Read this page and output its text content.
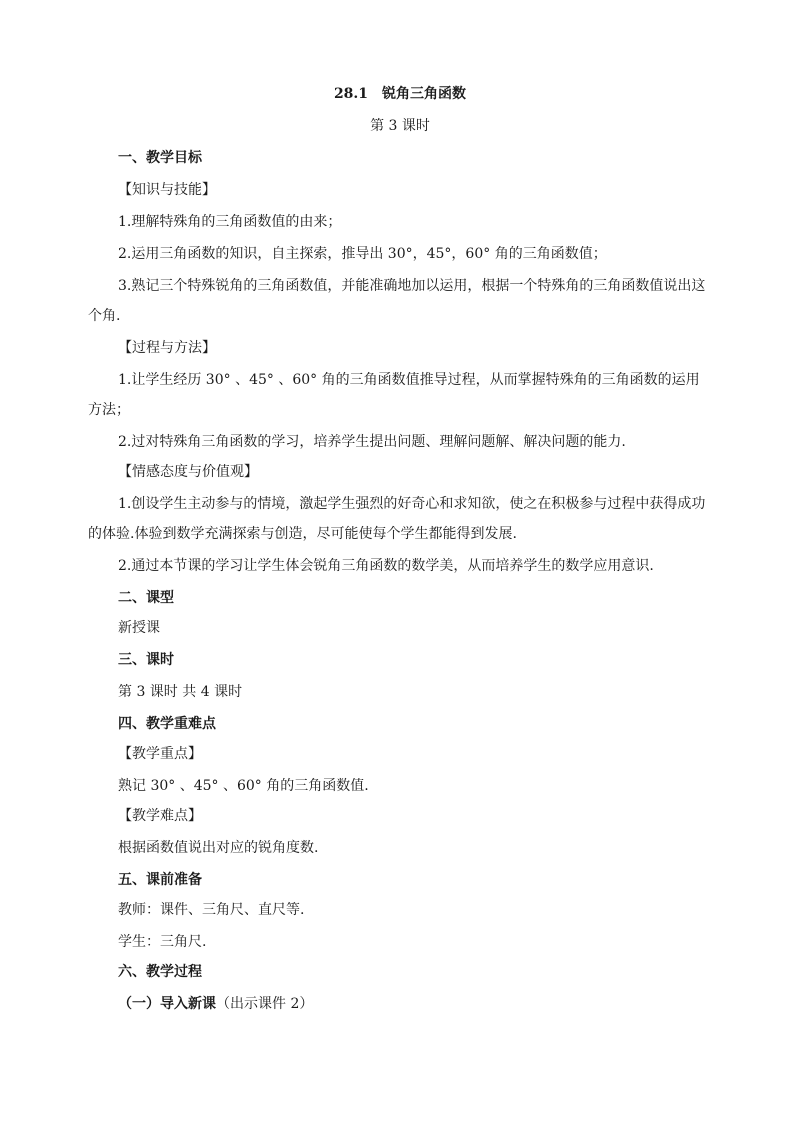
28.1　锐角三角函数
第 3 课时
一、教学目标
【知识与技能】
1.理解特殊角的三角函数值的由来；
2.运用三角函数的知识，自主探索，推导出 30°，45°，60° 角的三角函数值；
3.熟记三个特殊锐角的三角函数值，并能准确地加以运用，根据一个特殊角的三角函数值说出这
个角.
【过程与方法】
1.让学生经历 30° 、45° 、60° 角的三角函数值推导过程，从而掌握特殊角的三角函数的运用
方法；
2.过对特殊角三角函数的学习，培养学生提出问题、理解问题解、解决问题的能力.
【情感态度与价值观】
1.创设学生主动参与的情境，激起学生强烈的好奇心和求知欲，使之在积极参与过程中获得成功
的体验.体验到数学充满探索与创造，尽可能使每个学生都能得到发展.
2.通过本节课的学习让学生体会锐角三角函数的数学美，从而培养学生的数学应用意识.
二、课型
新授课
三、课时
第 3 课时 共 4 课时
四、教学重难点
【教学重点】
熟记 30° 、45° 、60° 角的三角函数值.
【教学难点】
根据函数值说出对应的锐角度数.
五、课前准备
教师：课件、三角尺、直尺等.
学生：三角尺.
六、教学过程
（一）导入新课（出示课件 2）
